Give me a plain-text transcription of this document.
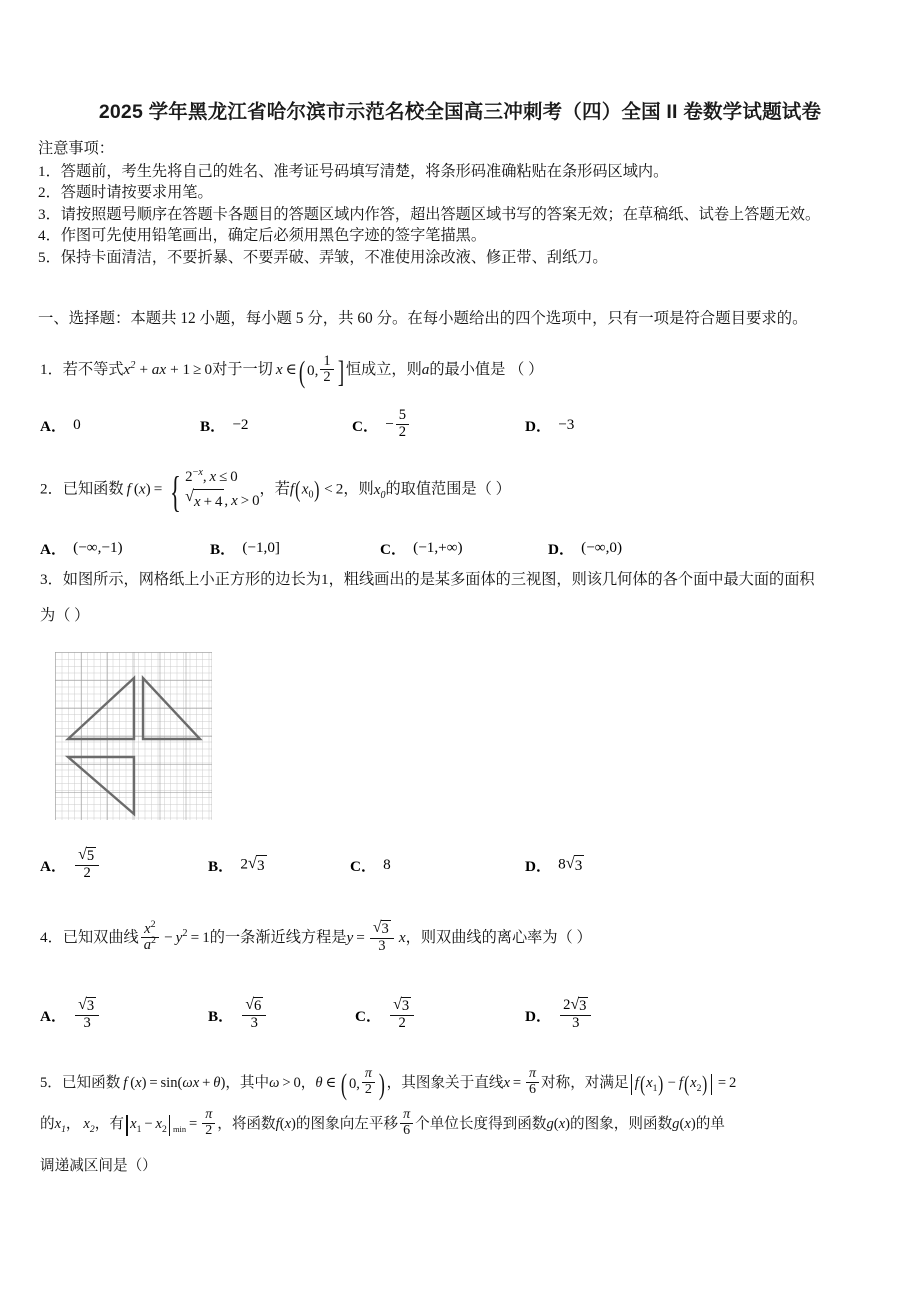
2025 学年黑龙江省哈尔滨市示范名校全国高三冲刺考（四）全国 II 卷数学试题试卷
注意事项：
1．答题前，考生先将自己的姓名、准考证号码填写清楚，将条形码准确粘贴在条形码区域内。
2．答题时请按要求用笔。
3．请按照题号顺序在答题卡各题目的答题区域内作答，超出答题区域书写的答案无效；在草稿纸、试卷上答题无效。
4．作图可先使用铅笔画出，确定后必须用黑色字迹的签字笔描黑。
5．保持卡面清洁，不要折暴、不要弄破、弄皱，不准使用涂改液、修正带、刮纸刀。
一、选择题：本题共 12 小题，每小题 5 分，共 60 分。在每小题给出的四个选项中，只有一项是符合题目要求的。
1．若不等式$x^2$ + ax + 1 ≥ 0对于一切 x ∈ ( 0, $\frac{1}{2}$ ] 恒成立，则a的最小值是 （ ）
A． 0	B． −2	C． − $\frac{5}{2}$	D． −3
2．已知函数 f (x) = { $2^{-x}$, x ≤ 0
√ x + 4 , x > 0
，若$f(x_0) < 2$，则$x_0$的取值范围是（ ）
A． (−∞,−1)	B． (−1,0]	C． (−1,+∞)	D． (−∞,0)
3．如图所示，网格纸上小正方形的边长为1，粗线画出的是某多面体的三视图，则该几何体的各个面中最大面的面积
为（ ）
A． $\frac{√ 5}{2}$	B． 2 √ 3	C． 8	D． 8 √ 3
4．已知双曲线 $\frac{x^2}{a^2} - y^2 = 1$的一条渐近线方程是$y = \frac{√ 3}{3}$  x，则双曲线的离心率为（ ）
A． $\frac{√ 3}{3}$	B． $\frac{√ 6}{3}$	C． $\frac{√ 3}{2}$	D． $\frac{2 √ 3}{3}$
5．已知函数 f (x) = sin(ωx + θ)，其中ω > 0，θ ∈  ( 0, $\frac{\pi}{2}$ ) ，其图象关于直线$x = \frac{\pi}{6}$ 对称，对满足 $f(x_1) - f(x_2) = 2$
的$x_1$， $x_2$，有 $x_1 - x_2$ $_{min} = \frac{\pi}{2}$ ，将函数f(x)的图象向左平移 $\frac{\pi}{6}$ 个单位长度得到函数g(x)的图象，则函数g(x)的单
调递减区间是（）
